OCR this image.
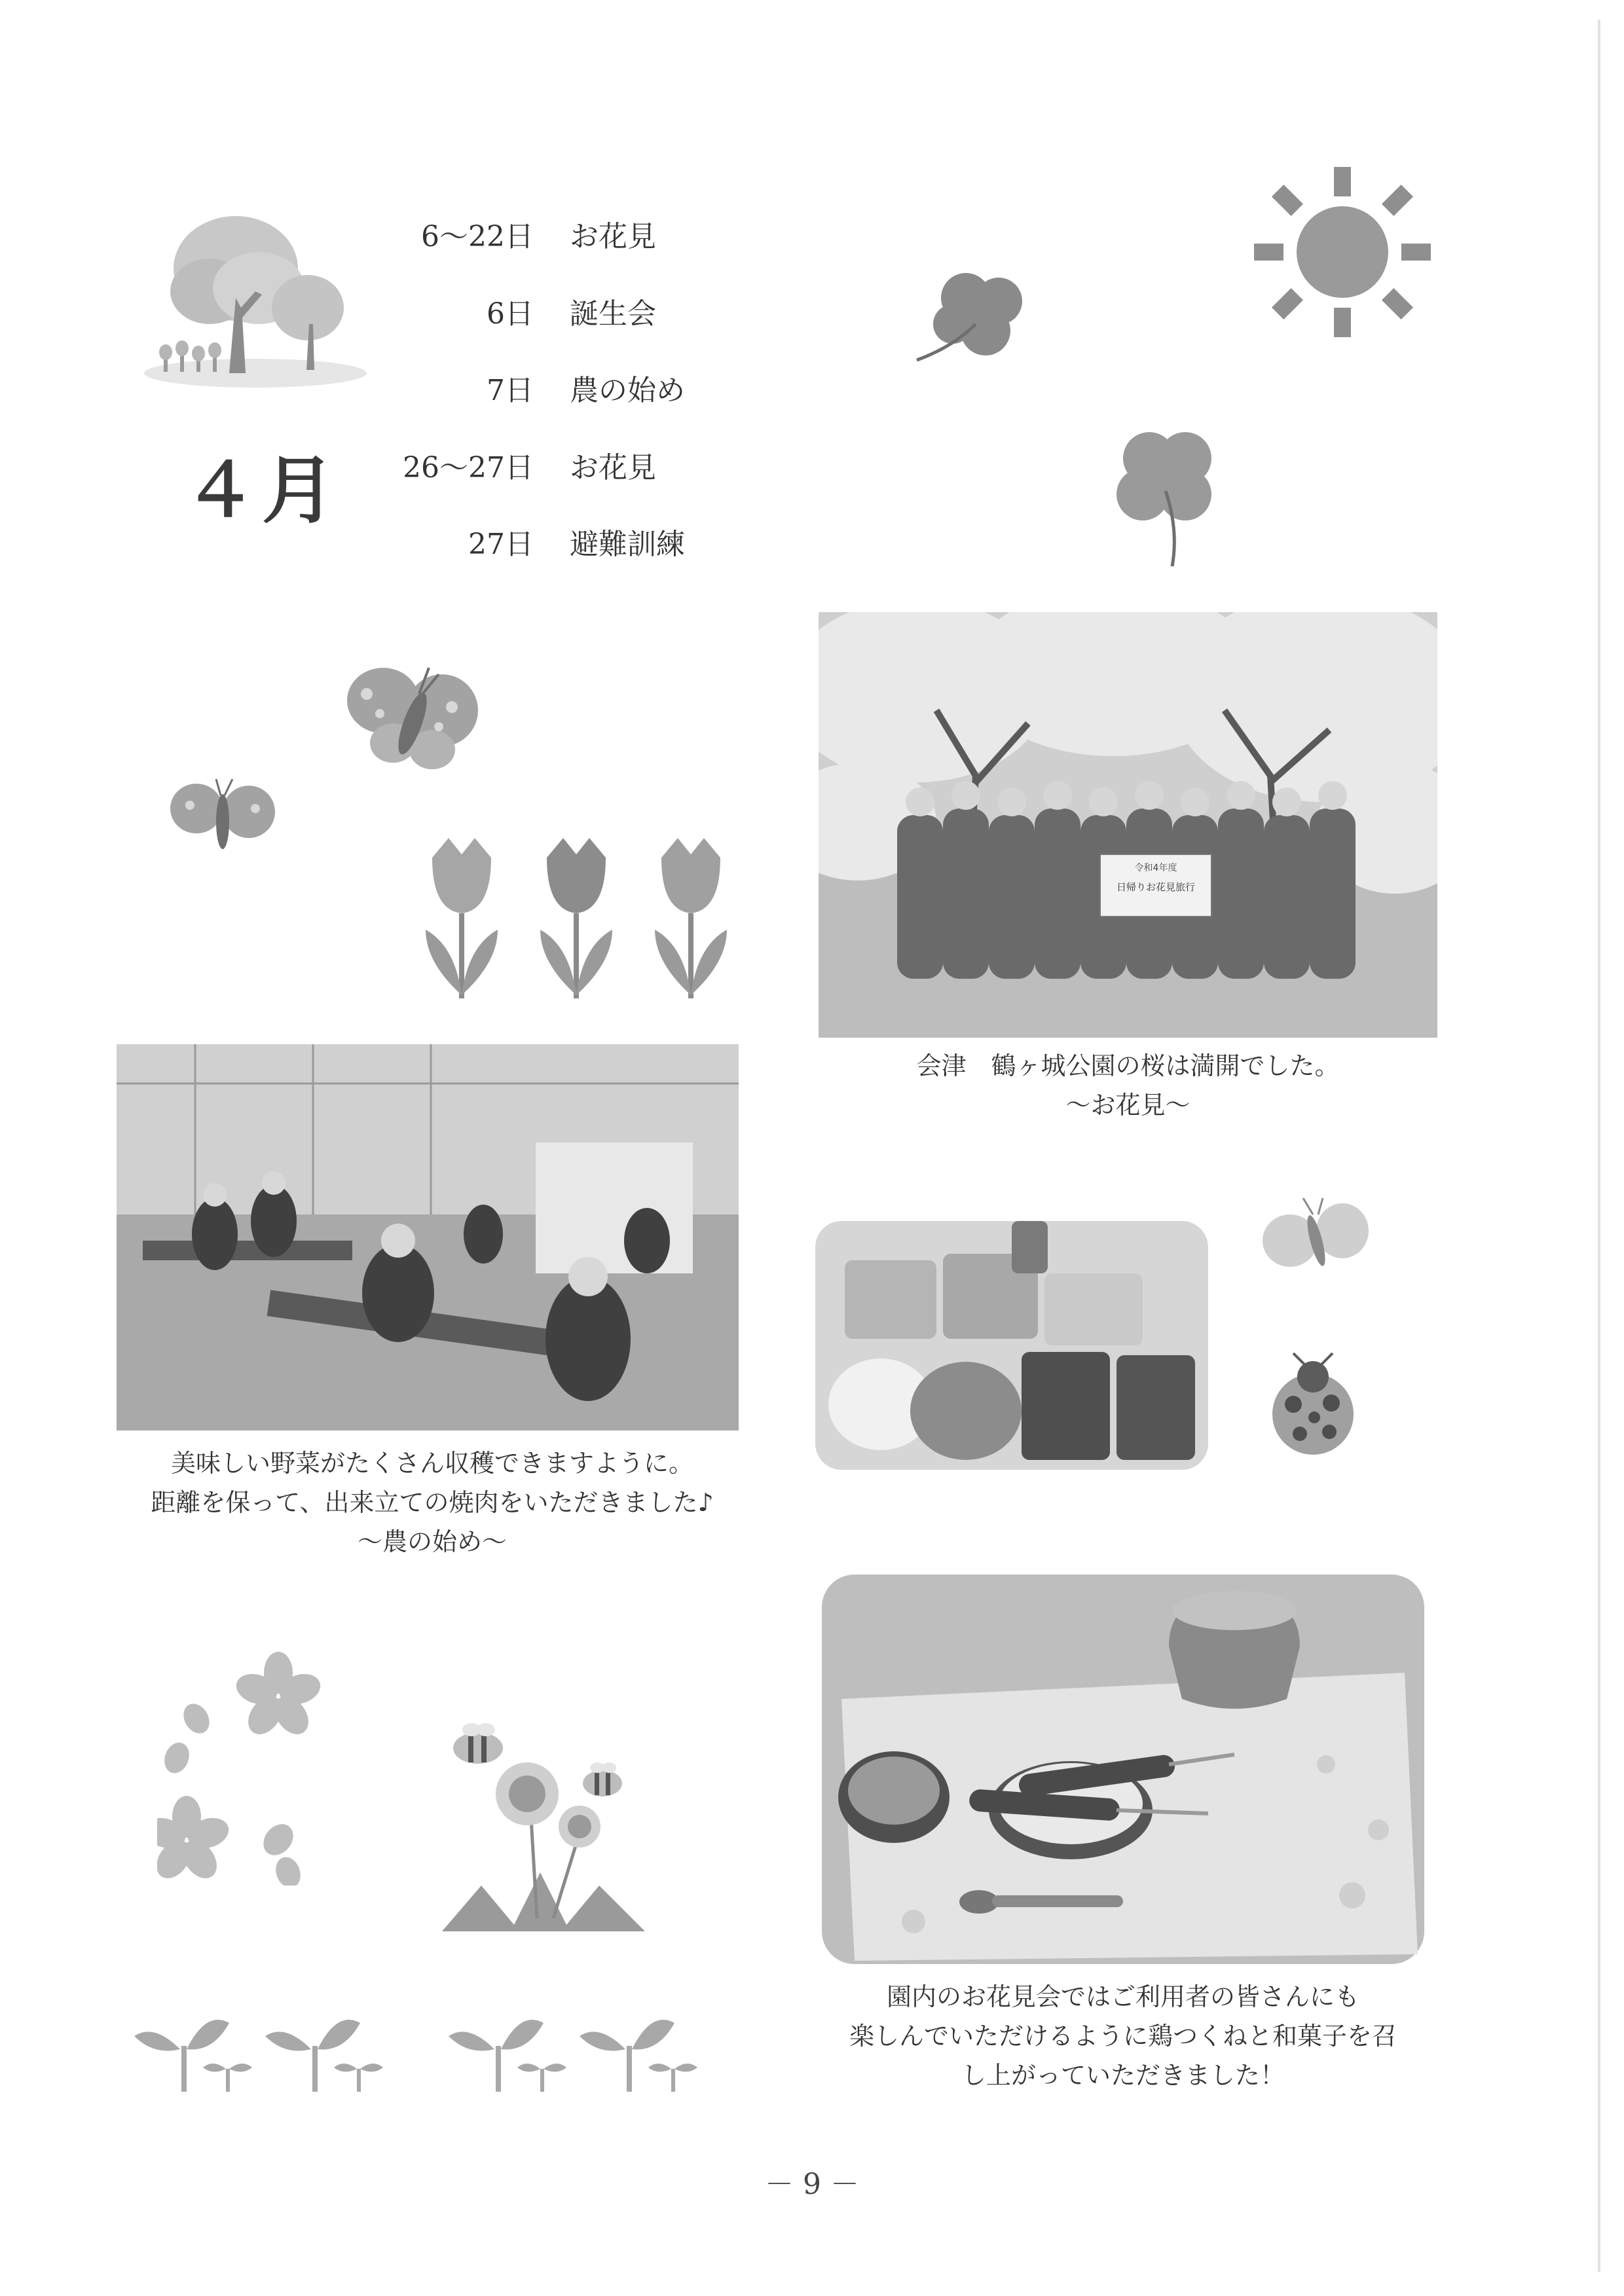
４月
6～22日 お花見
6日 誕生会
7日 農の始め
26～27日 お花見
27日 避難訓練
令和4年度
日帰りお花見旅行
会津　鶴ヶ城公園の桜は満開でした。
～お花見～
美味しい野菜がたくさん収穫できますように。
距離を保って、出来立ての焼肉をいただきました♪
～農の始め～
園内のお花見会ではご利用者の皆さんにも
楽しんでいただけるように鶏つくねと和菓子を召
し上がっていただきました！
－ 9 －
